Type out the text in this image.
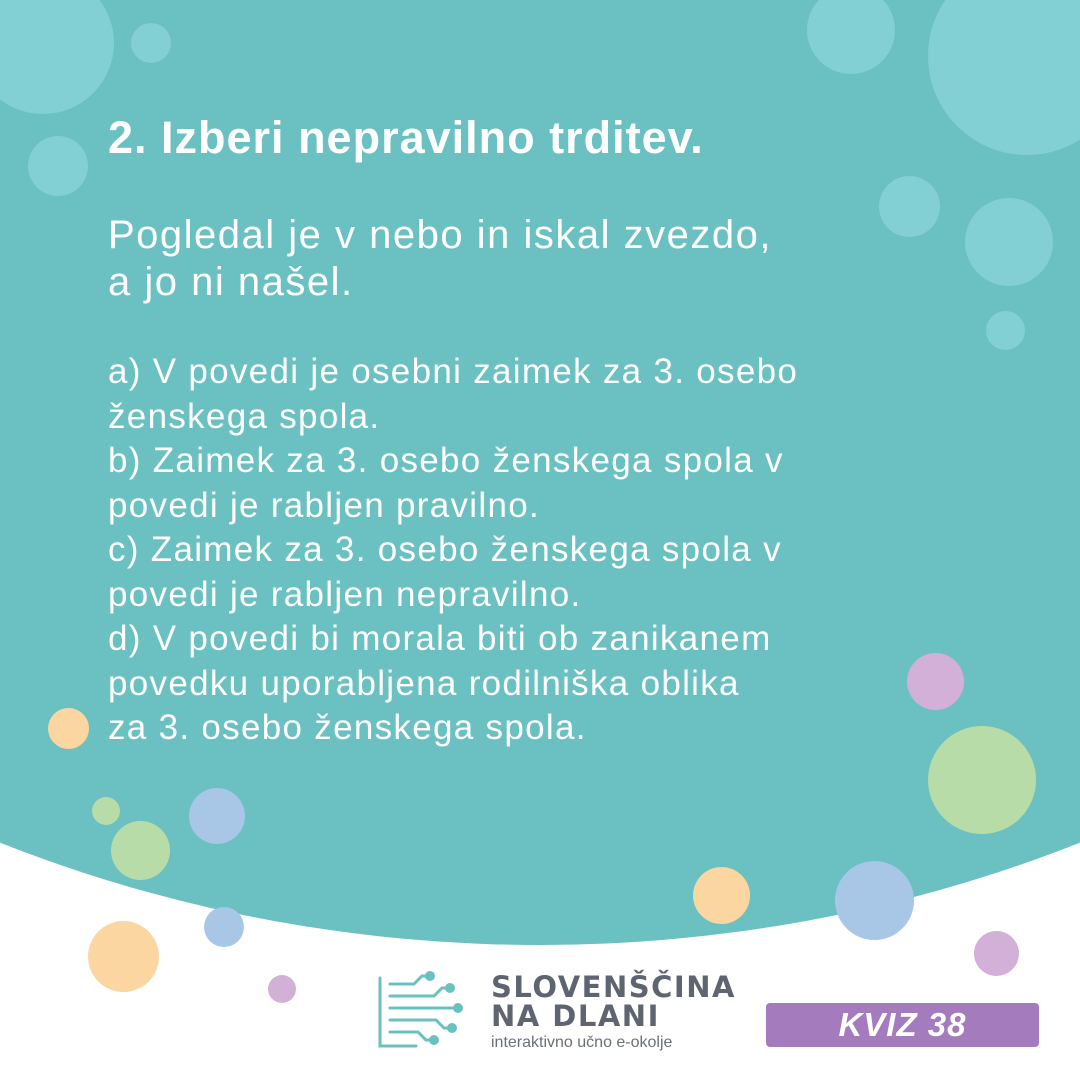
2. Izberi nepravilno trditev.
Pogledal je v nebo in iskal zvezdo,
a jo ni našel.
a) V povedi je osebni zaimek za 3. osebo
ženskega spola.
b) Zaimek za 3. osebo ženskega spola v
povedi je rabljen pravilno.
c) Zaimek za 3. osebo ženskega spola v
povedi je rabljen nepravilno.
d) V povedi bi morala biti ob zanikanem
povedku uporabljena rodilniška oblika
za 3. osebo ženskega spola.
SLOVENŠČINA
NA DLANI
interaktivno učno e-okolje	KVIZ 38
